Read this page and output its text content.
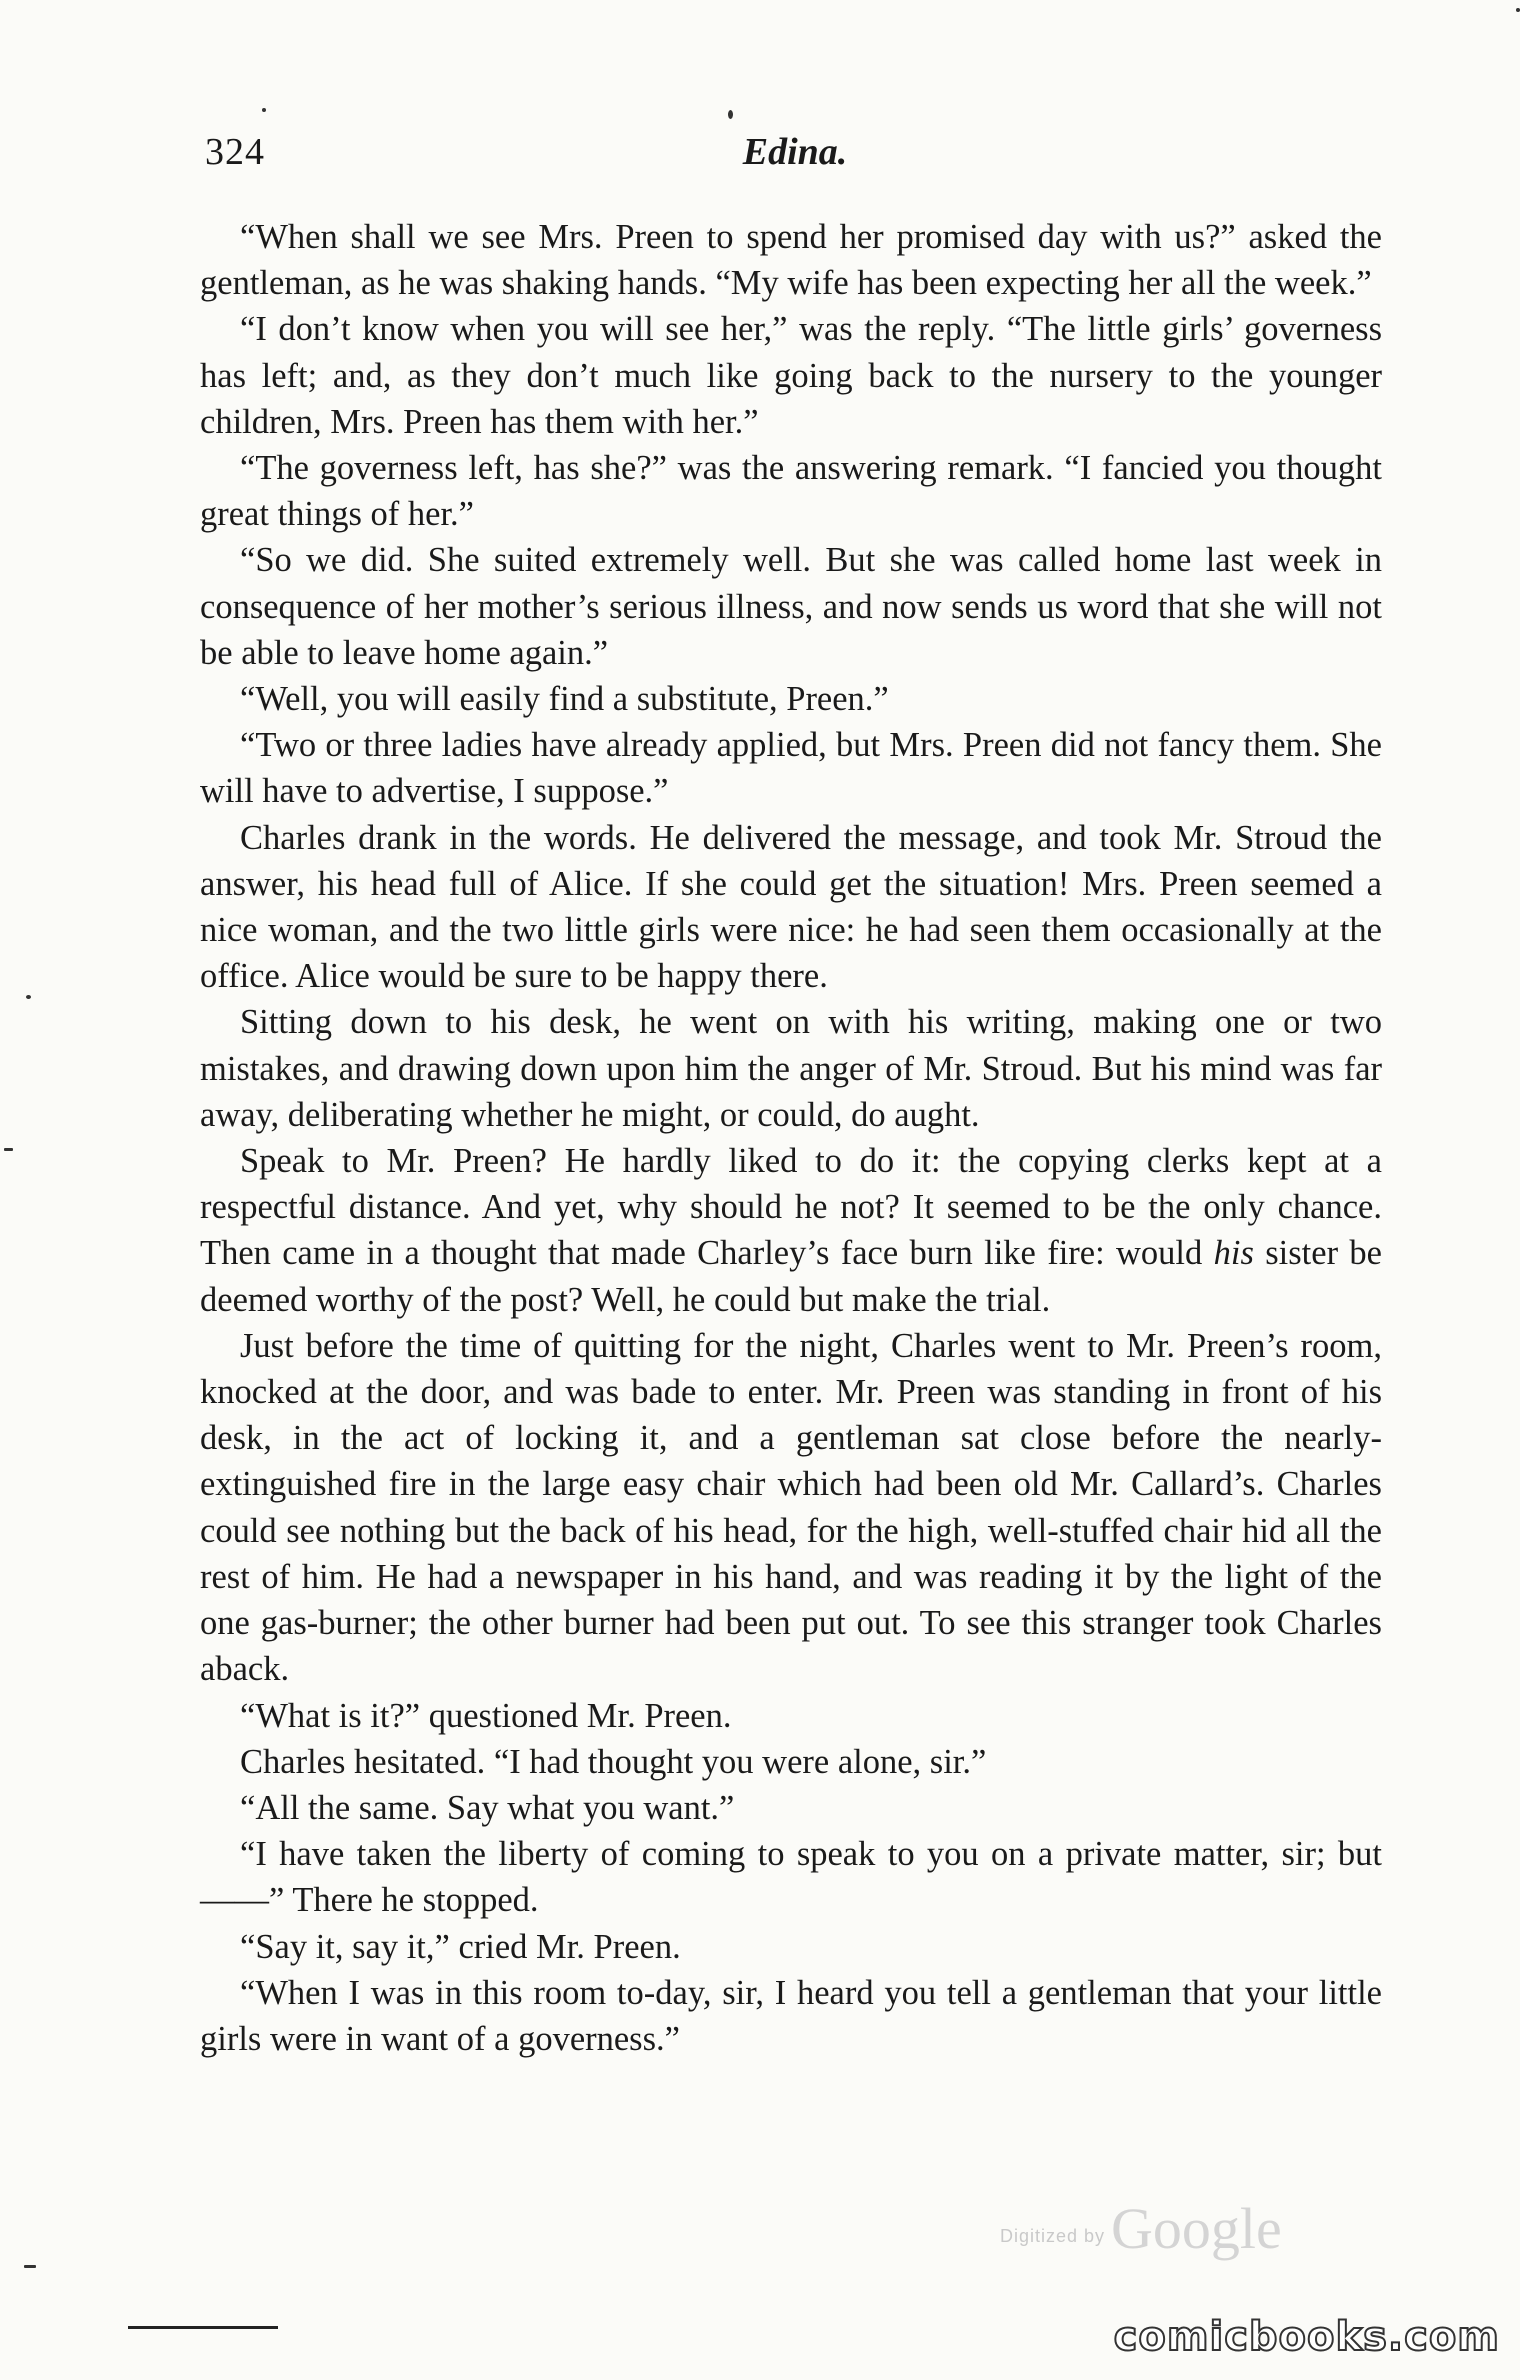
324	Edina.

“When shall we see Mrs. Preen to spend her promised day with us?” asked the gentleman, as he was shaking hands. “My wife has been expecting her all the week.”

“I don’t know when you will see her,” was the reply. “The little girls’ governess has left; and, as they don’t much like going back to the nursery to the younger children, Mrs. Preen has them with her.”

“The governess left, has she?” was the answering remark. “I fancied you thought great things of her.”

“So we did. She suited extremely well. But she was called home last week in consequence of her mother’s serious illness, and now sends us word that she will not be able to leave home again.”

“Well, you will easily find a substitute, Preen.”

“Two or three ladies have already applied, but Mrs. Preen did not fancy them. She will have to advertise, I suppose.”

Charles drank in the words. He delivered the message, and took Mr. Stroud the answer, his head full of Alice. If she could get the situation! Mrs. Preen seemed a nice woman, and the two little girls were nice: he had seen them occasionally at the office. Alice would be sure to be happy there.

Sitting down to his desk, he went on with his writing, making one or two mistakes, and drawing down upon him the anger of Mr. Stroud. But his mind was far away, deliberating whether he might, or could, do aught.

Speak to Mr. Preen? He hardly liked to do it: the copying clerks kept at a respectful distance. And yet, why should he not? It seemed to be the only chance. Then came in a thought that made Charley’s face burn like fire: would his sister be deemed worthy of the post? Well, he could but make the trial.

Just before the time of quitting for the night, Charles went to Mr. Preen’s room, knocked at the door, and was bade to enter. Mr. Preen was standing in front of his desk, in the act of locking it, and a gentleman sat close before the nearly-extinguished fire in the large easy chair which had been old Mr. Callard’s. Charles could see nothing but the back of his head, for the high, well-stuffed chair hid all the rest of him. He had a newspaper in his hand, and was reading it by the light of the one gas-burner; the other burner had been put out. To see this stranger took Charles aback.

“What is it?” questioned Mr. Preen.

Charles hesitated. “I had thought you were alone, sir.”

“All the same. Say what you want.”

“I have taken the liberty of coming to speak to you on a private matter, sir; but——” There he stopped.

“Say it, say it,” cried Mr. Preen.

“When I was in this room to-day, sir, I heard you tell a gentleman that your little girls were in want of a governess.”

Digitized by Google
comicbooks.com
